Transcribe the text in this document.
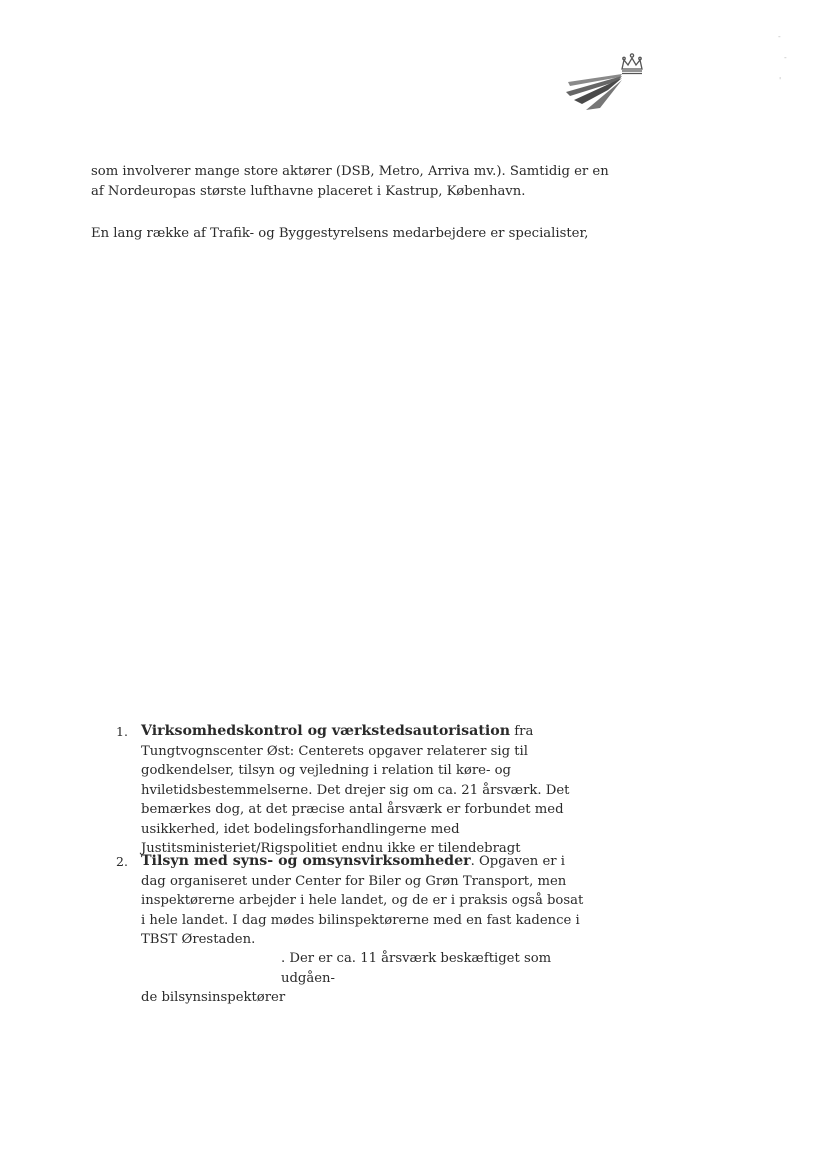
-
-
'

som involverer mange store aktører (DSB, Metro, Arriva mv.). Samtidig er en af Nordeuropas største lufthavne placeret i Kastrup, København.

En lang række af Trafik- og Byggestyrelsens medarbejdere er specialister,

1. Virksomhedskontrol og værkstedsautorisation fra Tungtvognscenter Øst: Centerets opgaver relaterer sig til godkendelser, tilsyn og vejledning i relation til køre- og hviletidsbestemmelserne. Det drejer sig om ca. 21 årsværk. Det bemærkes dog, at det præcise antal årsværk er forbundet med usikkerhed, idet bodelingsforhandlingerne med Justitsministeriet/Rigspolitiet endnu ikke er tilendebragt

2. Tilsyn med syns- og omsynsvirksomheder. Opgaven er i dag organiseret under Center for Biler og Grøn Transport, men inspektørerne arbejder i hele landet, og de er i praksis også bosat i hele landet. I dag mødes bilinspektørerne med en fast kadence i TBST Ørestaden.

. Der er ca. 11 årsværk beskæftiget som udgåen-
de bilsynsinspektører
